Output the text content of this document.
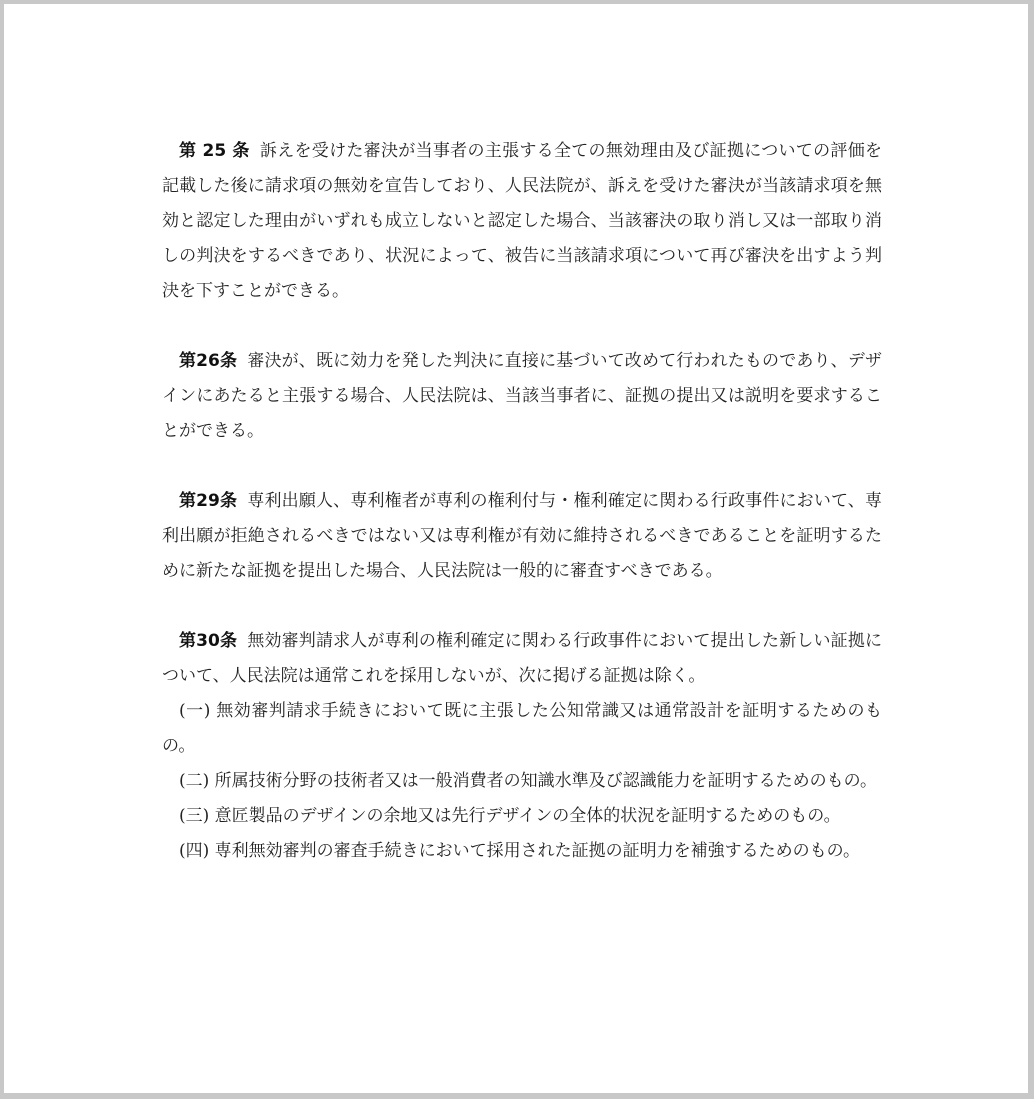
第 25 条 訴えを受けた審決が当事者の主張する全ての無効理由及び証拠についての評価を記載した後に請求項の無効を宣告しており、人民法院が、訴えを受けた審決が当該請求項を無効と認定した理由がいずれも成立しないと認定した場合、当該審決の取り消し又は一部取り消しの判決をするべきであり、状況によって、被告に当該請求項について再び審決を出すよう判決を下すことができる。

第26条 審決が、既に効力を発した判決に直接に基づいて改めて行われたものであり、デザインにあたると主張する場合、人民法院は、当該当事者に、証拠の提出又は説明を要求することができる。

第29条 専利出願人、専利権者が専利の権利付与・権利確定に関わる行政事件において、専利出願が拒絶されるべきではない又は専利権が有効に維持されるべきであることを証明するために新たな証拠を提出した場合、人民法院は一般的に審査すべきである。

第30条 無効審判請求人が専利の権利確定に関わる行政事件において提出した新しい証拠について、人民法院は通常これを採用しないが、次に掲げる証拠は除く。

(一) 無効審判請求手続きにおいて既に主張した公知常識又は通常設計を証明するためのもの。

(二) 所属技術分野の技術者又は一般消費者の知識水準及び認識能力を証明するためのもの。

(三) 意匠製品のデザインの余地又は先行デザインの全体的状況を証明するためのもの。

(四) 専利無効審判の審査手続きにおいて採用された証拠の証明力を補強するためのもの。
